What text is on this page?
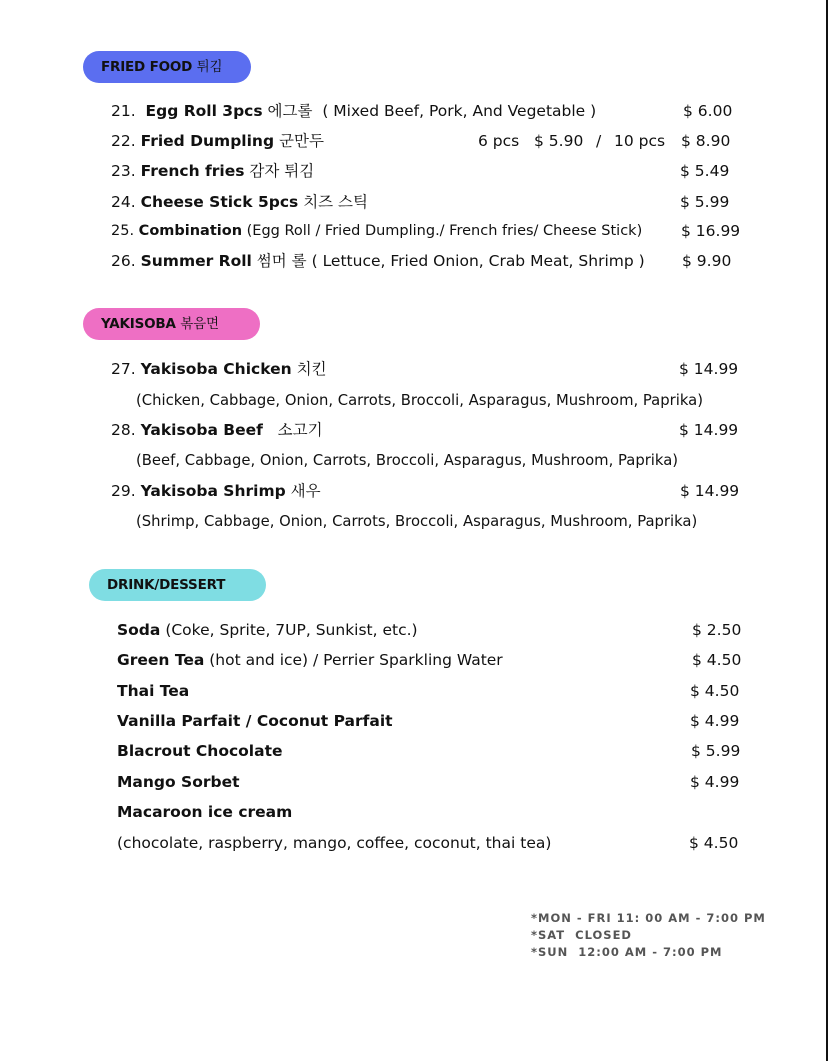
FRIED FOOD 튀김
21. Egg Roll 3pcs 에그롤 ( Mixed Beef, Pork, And Vegetable )	$ 6.00
22. Fried Dumpling 군만두	6 pcs $ 5.90 / 10 pcs $ 8.90
23. French fries 감자 튀김	$ 5.49
24. Cheese Stick 5pcs 치즈 스틱	$ 5.99
25. Combination (Egg Roll / Fried Dumpling./ French fries/ Cheese Stick)	$ 16.99
26. Summer Roll 썸머 롤 ( Lettuce, Fried Onion, Crab Meat, Shrimp ) $ 9.90
YAKISOBA 볶음면
27. Yakisoba Chicken 치킨	$ 14.99
(Chicken, Cabbage, Onion, Carrots, Broccoli, Asparagus, Mushroom, Paprika)
28. Yakisoba Beef 소고기	$ 14.99
(Beef, Cabbage, Onion, Carrots, Broccoli, Asparagus, Mushroom, Paprika)
29. Yakisoba Shrimp 새우	$ 14.99
(Shrimp, Cabbage, Onion, Carrots, Broccoli, Asparagus, Mushroom, Paprika)
DRINK/DESSERT
Soda (Coke, Sprite, 7UP, Sunkist, etc.)	$ 2.50
Green Tea (hot and ice) / Perrier Sparkling Water	$ 4.50
Thai Tea	$ 4.50
Vanilla Parfait / Coconut Parfait	$ 4.99
Blacrout Chocolate	$ 5.99
Mango Sorbet	$ 4.99
Macaroon ice cream
(chocolate, raspberry, mango, coffee, coconut, thai tea)	$ 4.50
*MON - FRI 11: 00 AM - 7:00 PM
*SAT  CLOSED
*SUN  12:00 AM - 7:00 PM
